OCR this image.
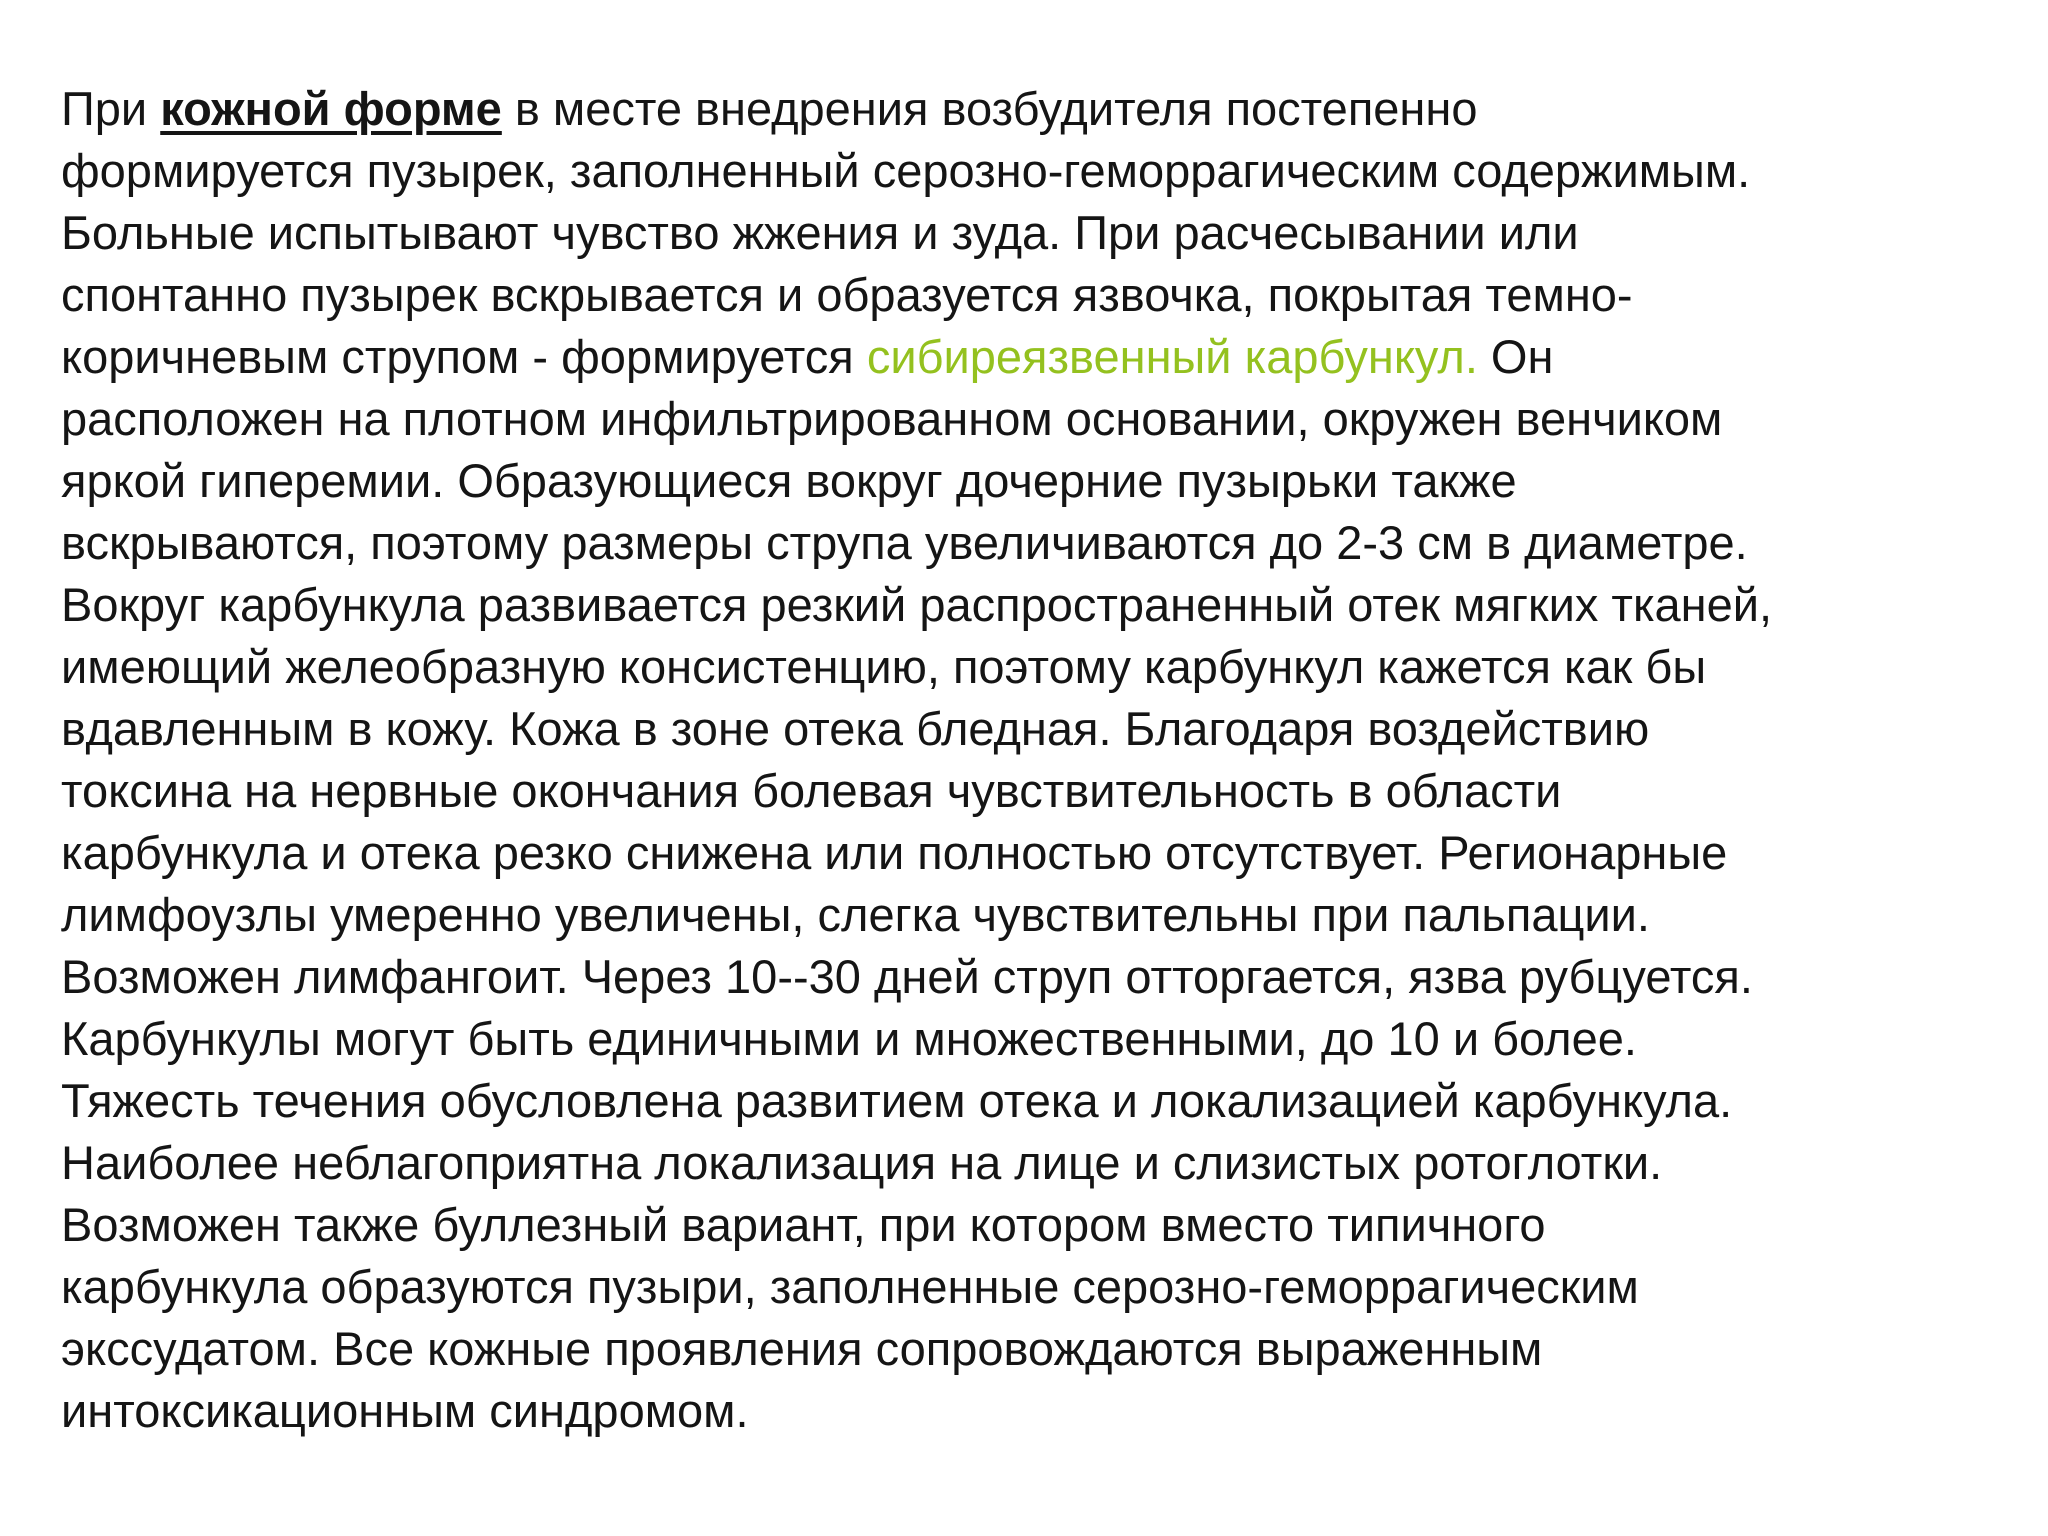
При кожной форме в месте внедрения возбудителя постепенно
формируется пузырек, заполненный серозно-геморрагическим содержимым.
Больные испытывают чувство жжения и зуда. При расчесывании или
спонтанно пузырек вскрывается и образуется язвочка, покрытая темно-
коричневым струпом - формируется сибиреязвенный карбункул. Он
расположен на плотном инфильтрированном основании, окружен венчиком
яркой гиперемии. Образующиеся вокруг дочерние пузырьки также
вскрываются, поэтому размеры струпа увеличиваются до 2-3 см в диаметре.
Вокруг карбункула развивается резкий распространенный отек мягких тканей,
имеющий желеобразную консистенцию, поэтому карбункул кажется как бы
вдавленным в кожу. Кожа в зоне отека бледная. Благодаря воздействию
токсина на нервные окончания болевая чувствительность в области
карбункула и отека резко снижена или полностью отсутствует. Регионарные
лимфоузлы умеренно увеличены, слегка чувствительны при пальпации.
Возможен лимфангоит. Через 10--30 дней струп отторгается, язва рубцуется.
Карбункулы могут быть единичными и множественными, до 10 и более.
Тяжесть течения обусловлена развитием отека и локализацией карбункула.
Наиболее неблагоприятна локализация на лице и слизистых ротоглотки.
Возможен также буллезный вариант, при котором вместо типичного
карбункула образуются пузыри, заполненные серозно-геморрагическим
экссудатом. Все кожные проявления сопровождаются выраженным
интоксикационным синдромом.
